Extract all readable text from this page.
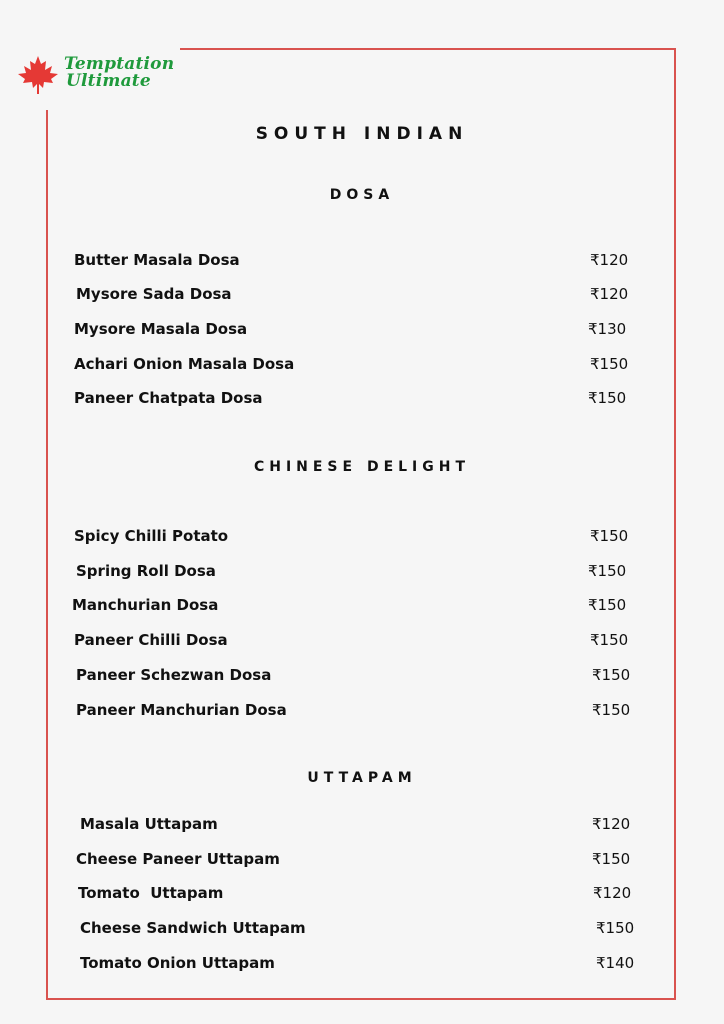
Temptation
Ultimate
SOUTH INDIAN
DOSA
Butter Masala Dosa	₹120
Mysore Sada Dosa	₹120
Mysore Masala Dosa	₹130
Achari Onion Masala Dosa	₹150
Paneer Chatpata Dosa	₹150
CHINESE DELIGHT
Spicy Chilli Potato	₹150
Spring Roll Dosa	₹150
Manchurian Dosa	₹150
Paneer Chilli Dosa	₹150
Paneer Schezwan Dosa	₹150
Paneer Manchurian Dosa	₹150
UTTAPAM
Masala Uttapam	₹120
Cheese Paneer Uttapam	₹150
Tomato  Uttapam	₹120
Cheese Sandwich Uttapam	₹150
Tomato Onion Uttapam	₹140
